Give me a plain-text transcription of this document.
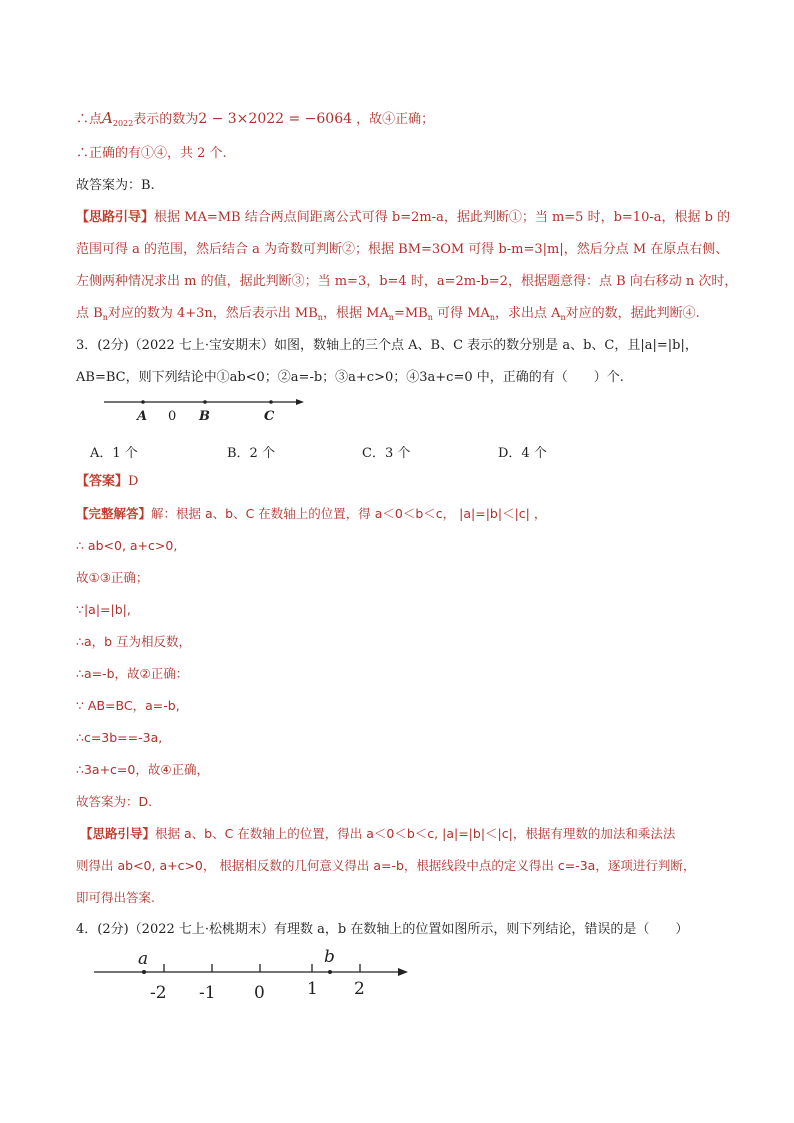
∴点$A_{2022}$表示的数为2 − 3×2022 = −6064 ，故④正确；
∴正确的有①④，共 2 个.
故答案为：B.
【思路引导】根据 MA=MB 结合两点间距离公式可得 b=2m-a，据此判断①；当 m=5 时，b=10-a，根据 b 的
范围可得 a 的范围，然后结合 a 为奇数可判断②；根据 BM=3OM 可得 b-m=3|m|，然后分点 M 在原点右侧、
左侧两种情况求出 m 的值，据此判断③；当 m=3，b=4 时，a=2m-b=2，根据题意得：点 B 向右移动 n 次时，
点 $B_n$对应的数为 4+3n，然后表示出 $MB_n$，根据 $MA_n=MB_n$ 可得 $MA_n$，求出点 $A_n$对应的数，据此判断④.
3．(2分)（2022 七上·宝安期末）如图，数轴上的三个点 A、B、C 表示的数分别是 a、b、C，且|a|=|b|，
AB=BC，则下列结论中①ab<0；②a=-b；③a+c>0；④3a+c=0 中，正确的有（　　）个.
A 0 B	C
A．1 个	B．2 个	C．3 个	D．4 个
【答案】D
【完整解答】解：根据 a、b、C 在数轴上的位置，得 a＜0＜b＜c， |a|=|b|＜|c| ，
∴ ab<0, a+c>0,
故①③正确；
∵|a|=|b|,
∴a，b 互为相反数，
∴a=-b，故②正确：
∵ AB=BC，a=-b,
∴c=3b==-3a,
∴3a+c=0，故④正确，
故答案为：D.
【思路引导】根据 a、b、C 在数轴上的位置，得出 a＜0＜b＜c, |a|=|b|＜|c|，根据有理数的加法和乘法法
则得出 ab<0, a+c>0， 根据相反数的几何意义得出 a=-b，根据线段中点的定义得出 c=-3a，逐项进行判断，
即可得出答案.
4．(2分)（2022 七上·松桃期末）有理数 a，b 在数轴上的位置如图所示，则下列结论，错误的是（　　）
a	b
-2 -1 0 1 2
